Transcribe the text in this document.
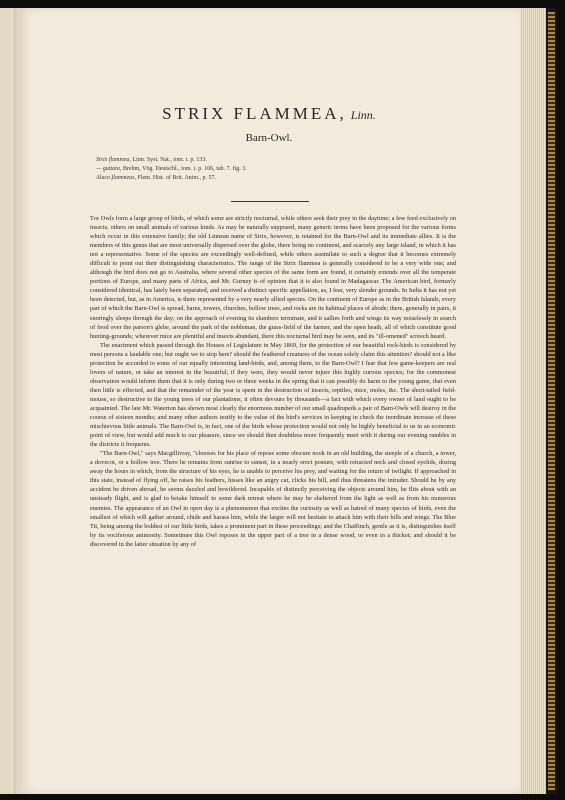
STRIX FLAMMEA, Linn.
Barn-Owl.
Strix flammea, Linn. Syst. Nat., tom. i. p. 133.
— guttata, Brehm, Vög. Deutschl., tom. i. p. 106, tab. 7. fig. 3.
Aluco flammeus, Flem. Hist. of Brit. Anim., p. 57.

The Owls form a large group of birds, of which some are strictly nocturnal, while others seek their prey in the daytime; a few feed exclusively on insects, others on small animals of various kinds. As may be naturally supposed, many generic terms have been proposed for the various forms which occur in this extensive family; the old Linnean name of Strix, however, is retained for the Barn-Owl and its immediate allies. It is the members of this genus that are most universally dispersed over the globe, there being no continent, and scarcely any large island, in which it has not a representative. Some of the species are exceedingly well-defined, while others assimilate to such a degree that it becomes extremely difficult to point out their distinguishing characteristics. The range of the Strix flammea is generally considered to be a very wide one; and although the bird does not go to Australia, where several other species of the same form are found, it certainly extends over all the temperate portions of Europe, and many parts of Africa, and Mr. Gurney is of opinion that it is also found in Madagascar. The American bird, formerly considered identical, has lately been separated, and received a distinct specific appellation, as, I fear, very slender grounds. In India it has not yet been detected, but, as in America, is there represented by a very nearly allied species. On the continent of Europe as in the British Islands, every part of which the Barn-Owl is spread, barns, towers, churches, hollow trees, and rocks are its habitual places of abode; there, generally in pairs, it snoringly sleeps through the day; on the approach of evening its slumbers terminate, and it sallies forth and wings its way noiselessly in search of food over the parson's glebe, around the park of the nobleman, the grass-field of the farmer, and the open heath, all of which constitute good hunting-grounds; wherever mice are plentiful and insects abundant, there this nocturnal bird may be seen, and its "ill-omened" screech heard.

The enactment which passed through the Houses of Legislature in May 1869, for the protection of our beautiful rock-birds is considered by most persons a laudable one; but ought we to stop here? should the feathered creatures of the ocean solely claim this attention? should not a like protection be accorded to some of our equally interesting land-birds, and, among them, to the Barn-Owl? I fear that few game-keepers are real lovers of nature, or take an interest in the beautiful; if they were, they would never injure this highly curious species; for the commonest observation would inform them that it is only during two or three weeks in the spring that it can possibly do harm to the young game, that even then little is effected, and that the remainder of the year is spent in the destruction of insects, reptiles, mice, moles, &c. The short-tailed field-mouse, so destructive to the young trees of our plantations, it often devours by thousands—a fact with which every owner of land ought to be acquainted. The late Mr. Waterton has shown most clearly the enormous number of our small quadrupeds a pair of Barn-Owls will destroy in the course of sixteen months; and many other authors testify to the value of the bird's services in keeping in check the inordinate increase of these mischievous little animals. The Barn-Owl is, in fact, one of the birds whose protection would not only be highly beneficial to us in an economic point of view, but would add much to our pleasure, since we should then doubtless more frequently meet with it during our evening rambles in the districts it frequents.

"The Barn-Owl," says Macgillivray, "chooses for his place of repose some obscure nook in an old building, the steeple of a church, a tower, a dovecot, or a hollow tree. There he remains from sunrise to sunset, in a nearly erect posture, with retracted neck and closed eyelids, dozing away the hours in which, from the structure of his eyes, he is unable to perceive his prey, and waiting for the return of twilight. If approached in this state, instead of flying off, he raises his feathers, hisses like an angry cat, clicks his bill, and thus threatens the intruder. Should he by any accident be driven abroad, he seems dazzled and bewildered. Incapable of distinctly perceiving the objects around him, he flits about with an unsteady flight, and is glad to betake himself to some dark retreat where he may be sheltered from the light as well as from his numerous enemies. The appearance of an Owl in open day is a phenomenon that excites the curiosity as well as hatred of many species of birds, even the smallest of which will gather around, chide and harass him, while the larger will not hesitate to attack him with their bills and wings. The Blue Tit, being among the boldest of our little birds, takes a prominent part in these proceedings; and the Chaffinch, gentle as it is, distinguishes itself by its vociferous animosity. Sometimes this Owl reposes in the upper part of a tree in a dense wood, or even in a thicket; and should it be discovered in the latter situation by any of
